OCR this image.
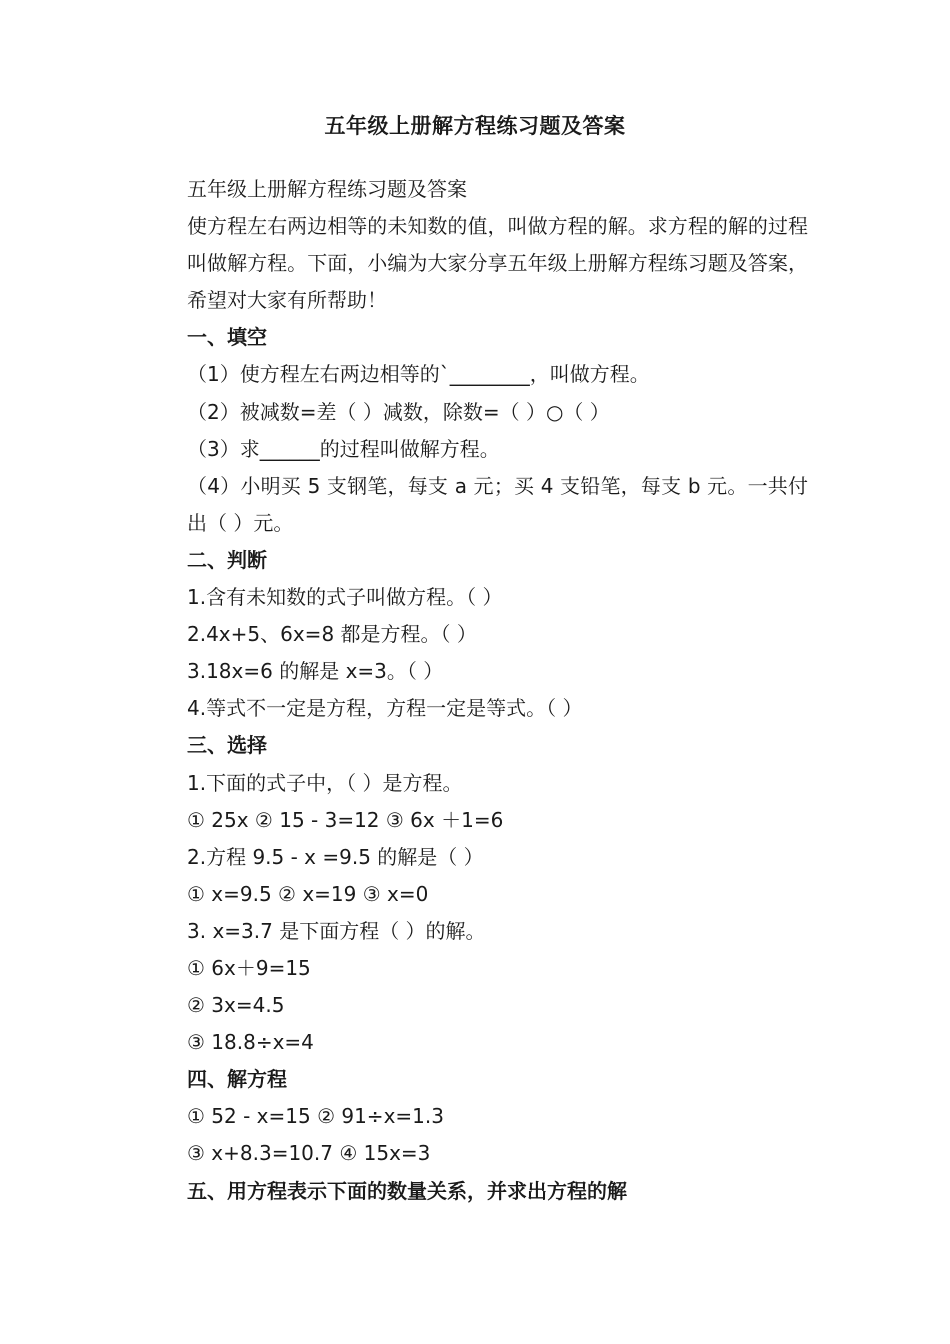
五年级上册解方程练习题及答案

五年级上册解方程练习题及答案

使方程左右两边相等的未知数的值，叫做方程的解。求方程的解的过程叫做解方程。下面，小编为大家分享五年级上册解方程练习题及答案，希望对大家有所帮助！

一、填空

（1）使方程左右两边相等的`________，叫做方程。

（2）被减数=差（ ）减数，除数=（ ）○（ ）

（3）求______的过程叫做解方程。

（4）小明买 5 支钢笔，每支 a 元；买 4 支铅笔，每支 b 元。一共付出（ ）元。

二、判断

1.含有未知数的式子叫做方程。（ ）

2.4x+5、6x=8 都是方程。（ ）

3.18x=6 的解是 x=3。（ ）

4.等式不一定是方程，方程一定是等式。（ ）

三、选择

1.下面的式子中，（ ）是方程。

① 25x ② 15 - 3=12 ③ 6x ＋1=6

2.方程 9.5 - x =9.5 的解是（ ）

① x=9.5 ② x=19 ③ x=0

3. x=3.7 是下面方程（ ）的解。

① 6x＋9=15

② 3x=4.5

③ 18.8÷x=4

四、解方程

① 52 - x=15 ② 91÷x=1.3

③ x+8.3=10.7 ④ 15x=3

五、用方程表示下面的数量关系，并求出方程的解
